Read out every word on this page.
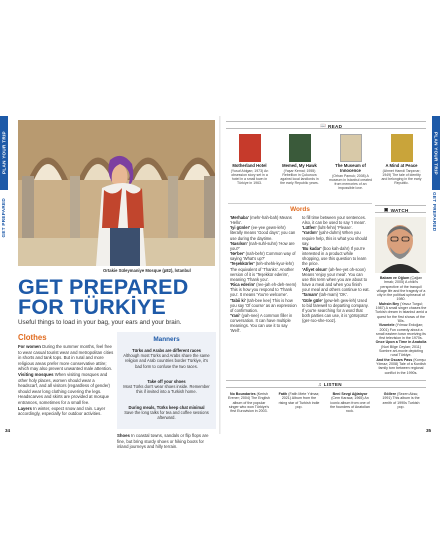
PLAN YOUR TRIP
GET PREPARED
Ortakie Süleymaniye Mosque (p82), İstanbul
GET PREPARED
FOR TÜRKİYE
Useful things to load in your bag, your ears and your brain.
Clothes

For women During the summer months, feel free to wear casual tourist wear and metropolitan cities in shorts and tank tops. But in rural and more religious areas prefer more conservative attire; which may also prevent unwanted male attention.

Visiting mosques When visiting mosques and other holy places, women should wear a headscarf, and all visitors (regardless of gender) should wear long clothing covering the legs. Headscarves and skirts are provided at mosque entrances, sometimes for a small fee.

Layers In winter, expect snow and rain. Layer accordingly, especially for outdoor activities.

Manners
Türks and Arabs are different races
Although most Türks and Arabs share the same religion and Arab countries border Türkiye, it's bad form to confuse the two races.
Take off your shoes
Most Türks don't wear shoes inside. Remember this if invited into a Turkish home.
During meals, Türks keep chat minimal
Save the long talks for tea and coffee sessions afterward.
Shoes In coastal towns, sandals or flip flops are fine, but bring sturdy shoes or hiking boots for inland journeys and hilly terrain.
34
PLAN YOUR TRIP
GET PREPARED
📖 READ
Motherland Hotel
(Yusuf Atılgan; 1973) An obsession story set in a hotel in a small town in Türkiye in 1963.
Memed, My Hawk
(Yaşar Kemal; 1955) Rebellion in Çukurova against local landlords in the early Republic years.
The Museum of Innocence
(Orhan Pamuk; 2008) A museum in İstanbul created from memories of an impossible love.
A Mind at Peace
(Ahmet Hamdi Tanpınar; 1949) The tale of identity and belonging in the early Republic.
Words

'Merhaba' (mehr-hah-bah) Means 'Hello'.

'Iyi günler' (ee-yee gewn-lehr) literally means 'Good days'; you can use during the daytime.

'Nasılsın' (nah-suhl-suhn) 'How are you?'

'Ne'ber' (nah-behr) Common way of saying 'What's up?'

'Teşekkürler' (teh-shehk-kyur-lehr) The equivalent of 'Thanks'. Another version of it is 'Teşekkür ederim', meaning 'Thank you'.

'Rica ederim' (ree-jah eh-deh-reem) This is how you respond to 'Thank you'. It means 'You're welcome'.

'Tabii ki' (tah-bee kee) This is how you say 'Of course' as an expression of confirmation.

'Yani' (yah-nee) A common filler in conversation. It can have multiple meanings. You can use it to say 'Well'.

to fill time between your sentences. Also, it can be used to say 'I mean'.

'Lütfen' (luht-fehn) 'Please'.

'Yardım' (yahr-duhm) When you require help, this is what you should say.

'Bu kadar' (boo kah-dahr) If you're interested in a product while shopping, use this question to learn the price.

'Afiyet olsun' (ah-fee-yet oh-soon) Means 'enjoy your meal'. You can use this term when you are about to have a meal and when you finish your meal and others continue to eat.

'Tamam' (tah-mam) 'OK'.

'Güle güle' (gew-leh gew-leh) Used to bid farewell to departing company. If you're searching for a word that both parties can use, it is 'görüşürüz' (ger-roo-she-rooz).

▣ WATCH

Babam ve Oğlum (Çağan Irmak; 2005) A child's perspective of the tranquil village life and the tragedy of a city in the political upheaval of 1980.

Muhsin Bey (Yavuz Turgul; 1987) A small singer chases the Turkish dream in İstanbul amid a quest for the first shows of the '80s.

Vizontele (Yılmaz Erdoğan; 2001) Fun comedy about a small eastern town receiving its first television in the 1970s.

Once Upon a Time in Anatolia (Nuri Bilge Ceylan; 2011) Sombre art-movie depicting rural Türkiye.

And the Oscars Pass (Komşu Yılmaz; 2008) Tale of a Kurdish family torn between regional conflict in the 1990s.

♫ LISTEN
No Boundaries (Kerish Erener; 2004) The English album of the popular singer who won Türkiye's first Eurovision in 2003.
Fatih (Fatih Mete Yılmaz; 2021) Album from the rising star of Turkish indie pop.
Beni Sevgi Ağlatıyor (Cem Karaca; 1965) An iconic album from one of the founders of Anatolian rock.
Göllere (Sezen Aksu; 1991) This album is the zenith of 1990s Turkish pop.
35
